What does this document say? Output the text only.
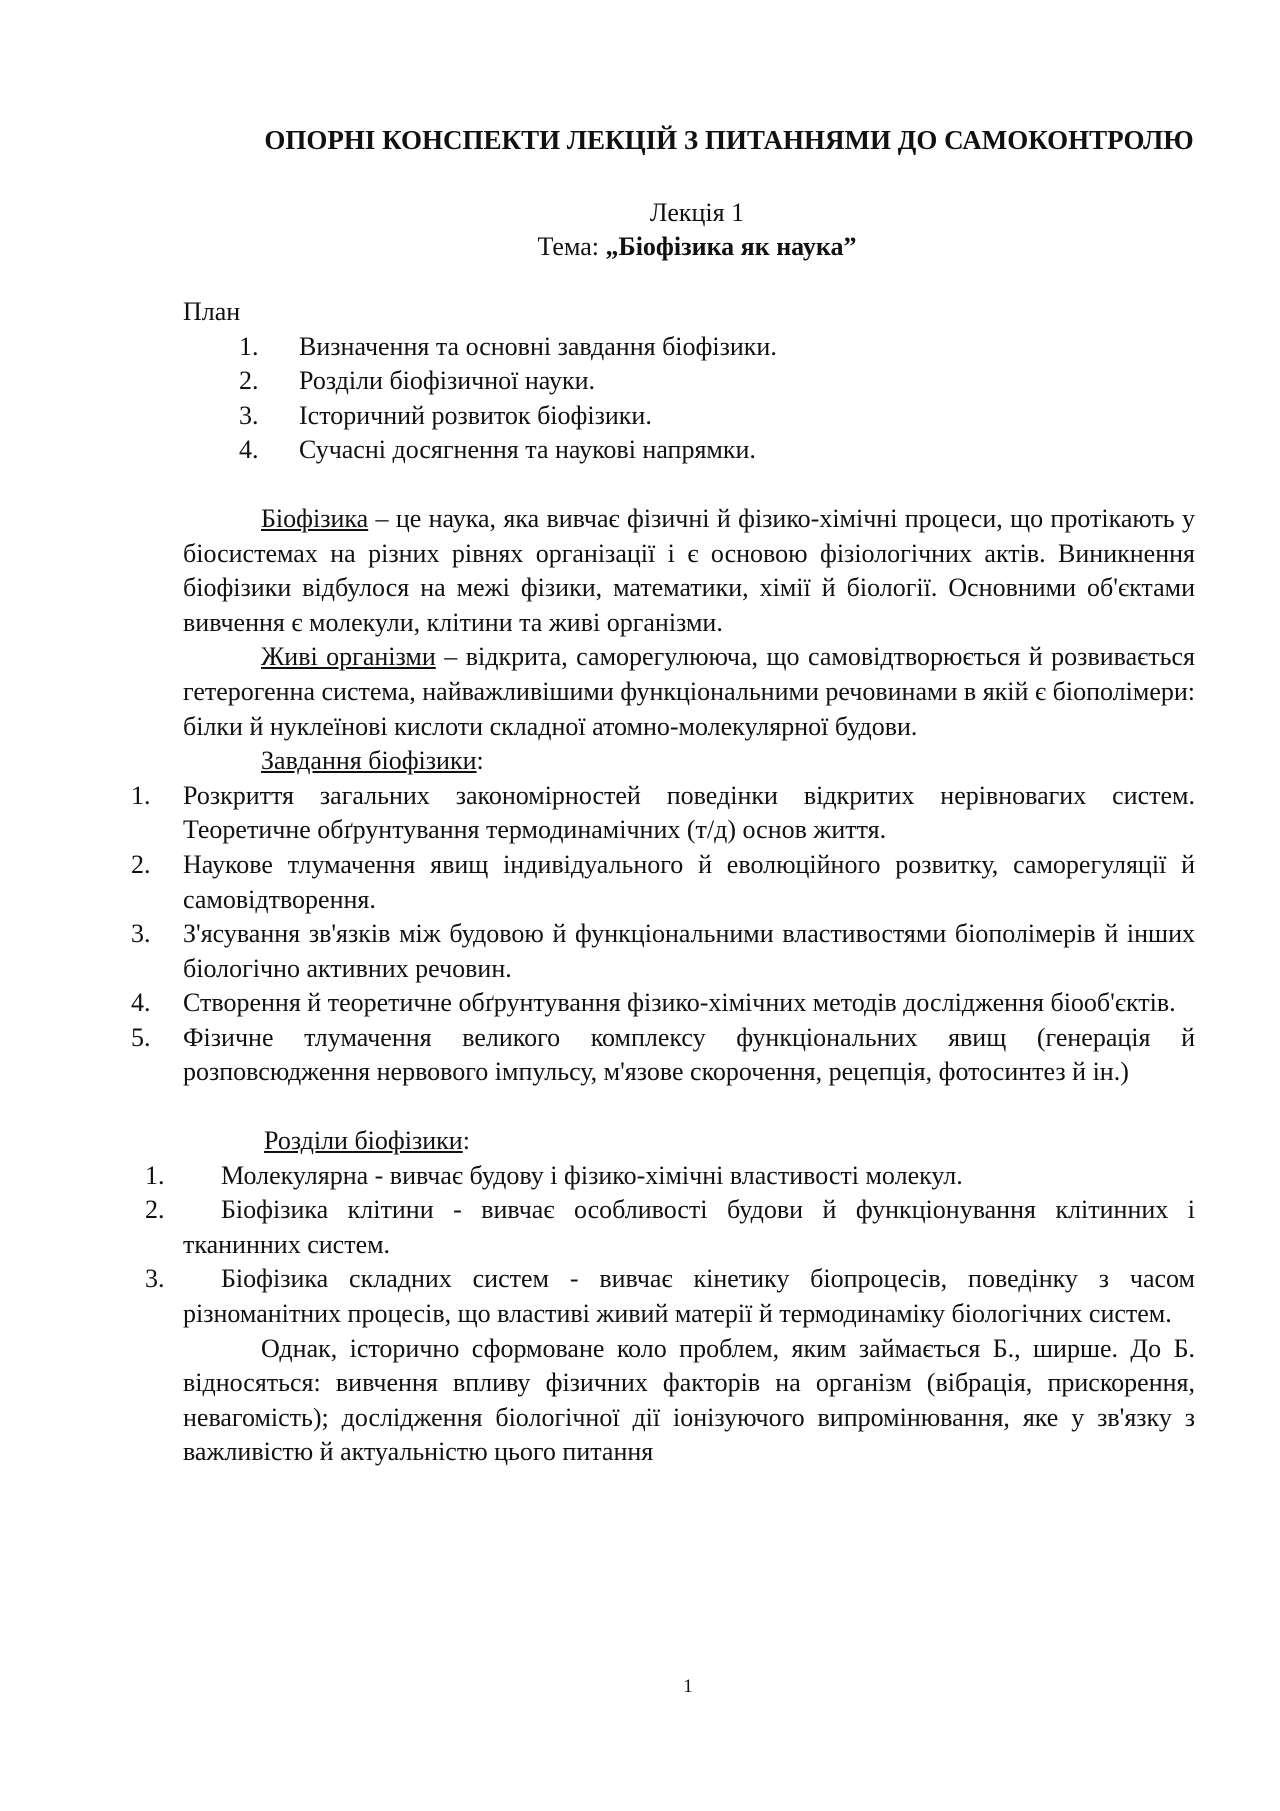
ОПОРНІ КОНСПЕКТИ ЛЕКЦІЙ З ПИТАННЯМИ ДО САМОКОНТРОЛЮ
Лекція 1
Тема: „Біофізика як наука”
План
1.	Визначення та основні завдання біофізики.
2.	Розділи біофізичної науки.
3.	Історичний розвиток біофізики.
4.	Сучасні досягнення та наукові напрямки.

Біофізика – це наука, яка вивчає фізичні й фізико-хімічні процеси, що протікають у біосистемах на різних рівнях організації і є основою фізіологічних актів. Виникнення біофізики відбулося на межі фізики, математики, хімії й біології. Основними об'єктами вивчення є молекули, клітини та живі організми.

Живі організми – відкрита, саморегулююча, що самовідтворюється й розвивається гетерогенна система, найважливішими функціональними речовинами в якій є біополімери: білки й нуклеїнові кислоти складної атомно-молекулярної будови.

Завдання біофізики:

1.	Розкриття загальних закономірностей поведінки відкритих нерівновагих систем. Теоретичне обґрунтування термодинамічних (т/д) основ життя.
2.	Наукове тлумачення явищ індивідуального й еволюційного розвитку, саморегуляції й самовідтворення.
3.	З'ясування зв'язків між будовою й функціональними властивостями біополімерів й інших біологічно активних речовин.
4.	Створення й теоретичне обґрунтування фізико-хімічних методів дослідження біооб'єктів.
5.	Фізичне тлумачення великого комплексу функціональних явищ (генерація й розповсюдження нервового імпульсу, м'язове скорочення, рецепція, фотосинтез й ін.)
Розділи біофізики:
1. Молекулярна - вивчає будову і фізико-хімічні властивості молекул.
2. Біофізика клітини - вивчає особливості будови й функціонування клітинних і тканинних систем.
3. Біофізика складних систем - вивчає кінетику біопроцесів, поведінку з часом різноманітних процесів, що властиві живий матерії й термодинаміку біологічних систем.

Однак, історично сформоване коло проблем, яким займається Б., ширше. До Б. відносяться: вивчення впливу фізичних факторів на організм (вібрація, прискорення, невагомість); дослідження біологічної дії іонізуючого випромінювання, яке у зв'язку з важливістю й актуальністю цього питання

1
